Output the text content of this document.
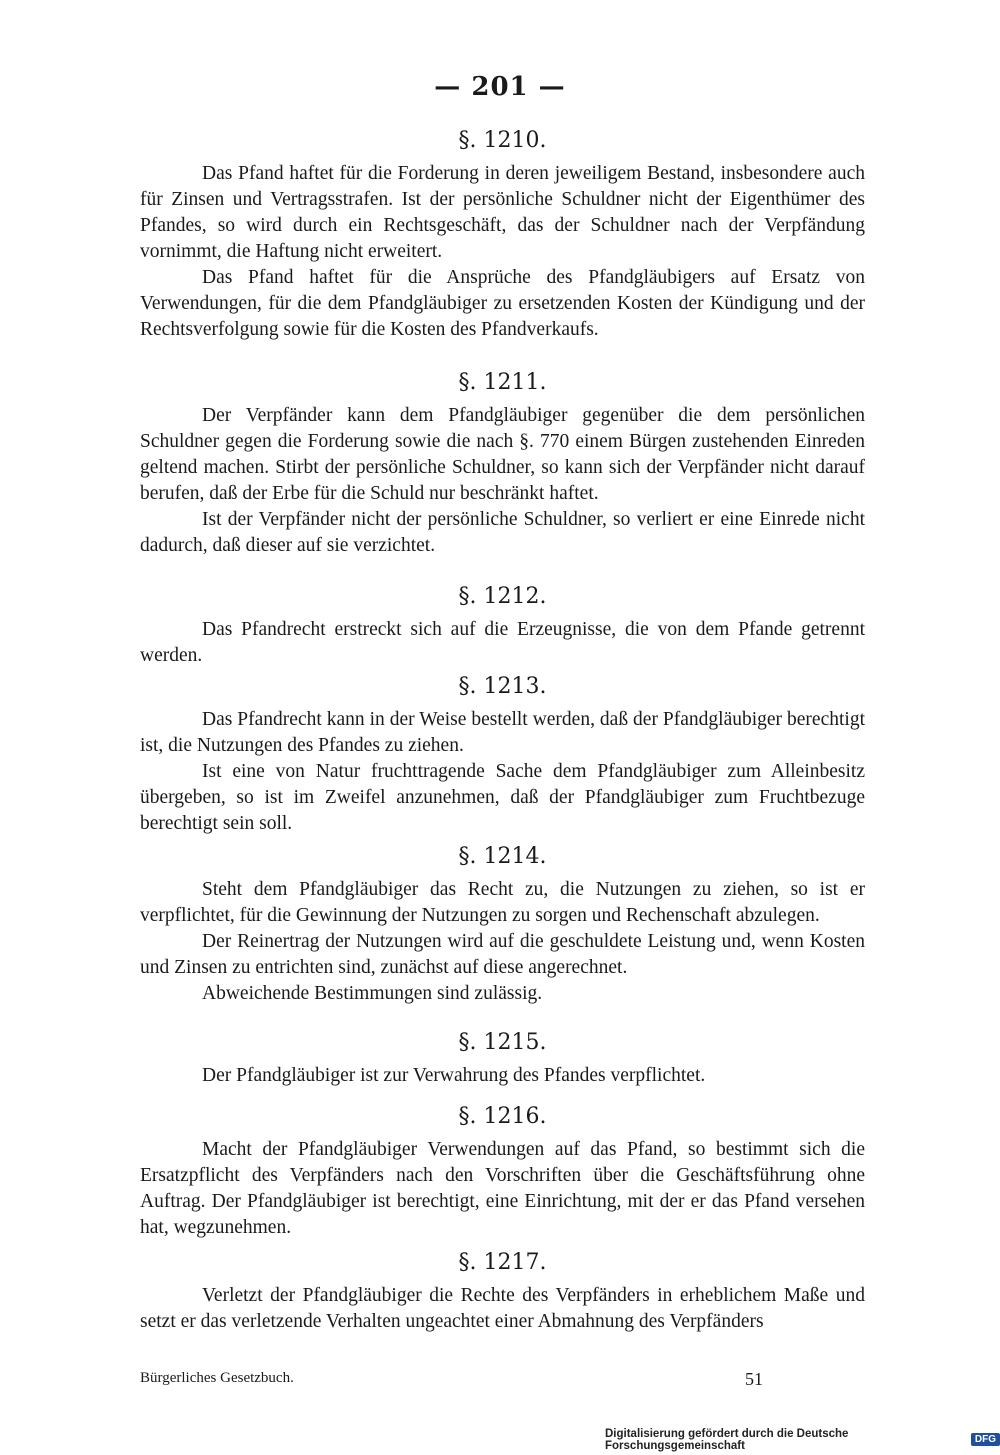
— 201 —
§. 1210.

Das Pfand haftet für die Forderung in deren jeweiligem Bestand, insbesondere auch für Zinsen und Vertragsstrafen. Ist der persönliche Schuldner nicht der Eigenthümer des Pfandes, so wird durch ein Rechtsgeschäft, das der Schuldner nach der Verpfändung vornimmt, die Haftung nicht erweitert.

Das Pfand haftet für die Ansprüche des Pfandgläubigers auf Ersatz von Verwendungen, für die dem Pfandgläubiger zu ersetzenden Kosten der Kündigung und der Rechtsverfolgung sowie für die Kosten des Pfandverkaufs.

§. 1211.

Der Verpfänder kann dem Pfandgläubiger gegenüber die dem persönlichen Schuldner gegen die Forderung sowie die nach §. 770 einem Bürgen zustehenden Einreden geltend machen. Stirbt der persönliche Schuldner, so kann sich der Verpfänder nicht darauf berufen, daß der Erbe für die Schuld nur beschränkt haftet.

Ist der Verpfänder nicht der persönliche Schuldner, so verliert er eine Einrede nicht dadurch, daß dieser auf sie verzichtet.

§. 1212.

Das Pfandrecht erstreckt sich auf die Erzeugnisse, die von dem Pfande getrennt werden.

§. 1213.

Das Pfandrecht kann in der Weise bestellt werden, daß der Pfandgläubiger berechtigt ist, die Nutzungen des Pfandes zu ziehen.

Ist eine von Natur fruchttragende Sache dem Pfandgläubiger zum Alleinbesitz übergeben, so ist im Zweifel anzunehmen, daß der Pfandgläubiger zum Fruchtbezuge berechtigt sein soll.

§. 1214.

Steht dem Pfandgläubiger das Recht zu, die Nutzungen zu ziehen, so ist er verpflichtet, für die Gewinnung der Nutzungen zu sorgen und Rechenschaft abzulegen.

Der Reinertrag der Nutzungen wird auf die geschuldete Leistung und, wenn Kosten und Zinsen zu entrichten sind, zunächst auf diese angerechnet.

Abweichende Bestimmungen sind zulässig.

§. 1215.

Der Pfandgläubiger ist zur Verwahrung des Pfandes verpflichtet.

§. 1216.

Macht der Pfandgläubiger Verwendungen auf das Pfand, so bestimmt sich die Ersatzpflicht des Verpfänders nach den Vorschriften über die Geschäftsführung ohne Auftrag. Der Pfandgläubiger ist berechtigt, eine Einrichtung, mit der er das Pfand versehen hat, wegzunehmen.

§. 1217.

Verletzt der Pfandgläubiger die Rechte des Verpfänders in erheblichem Maße und setzt er das verletzende Verhalten ungeachtet einer Abmahnung des Verpfänders

Bürgerliches Gesetzbuch.	51
Digitalisierung gefördert durch die Deutsche Forschungsgemeinschaft	DFG
